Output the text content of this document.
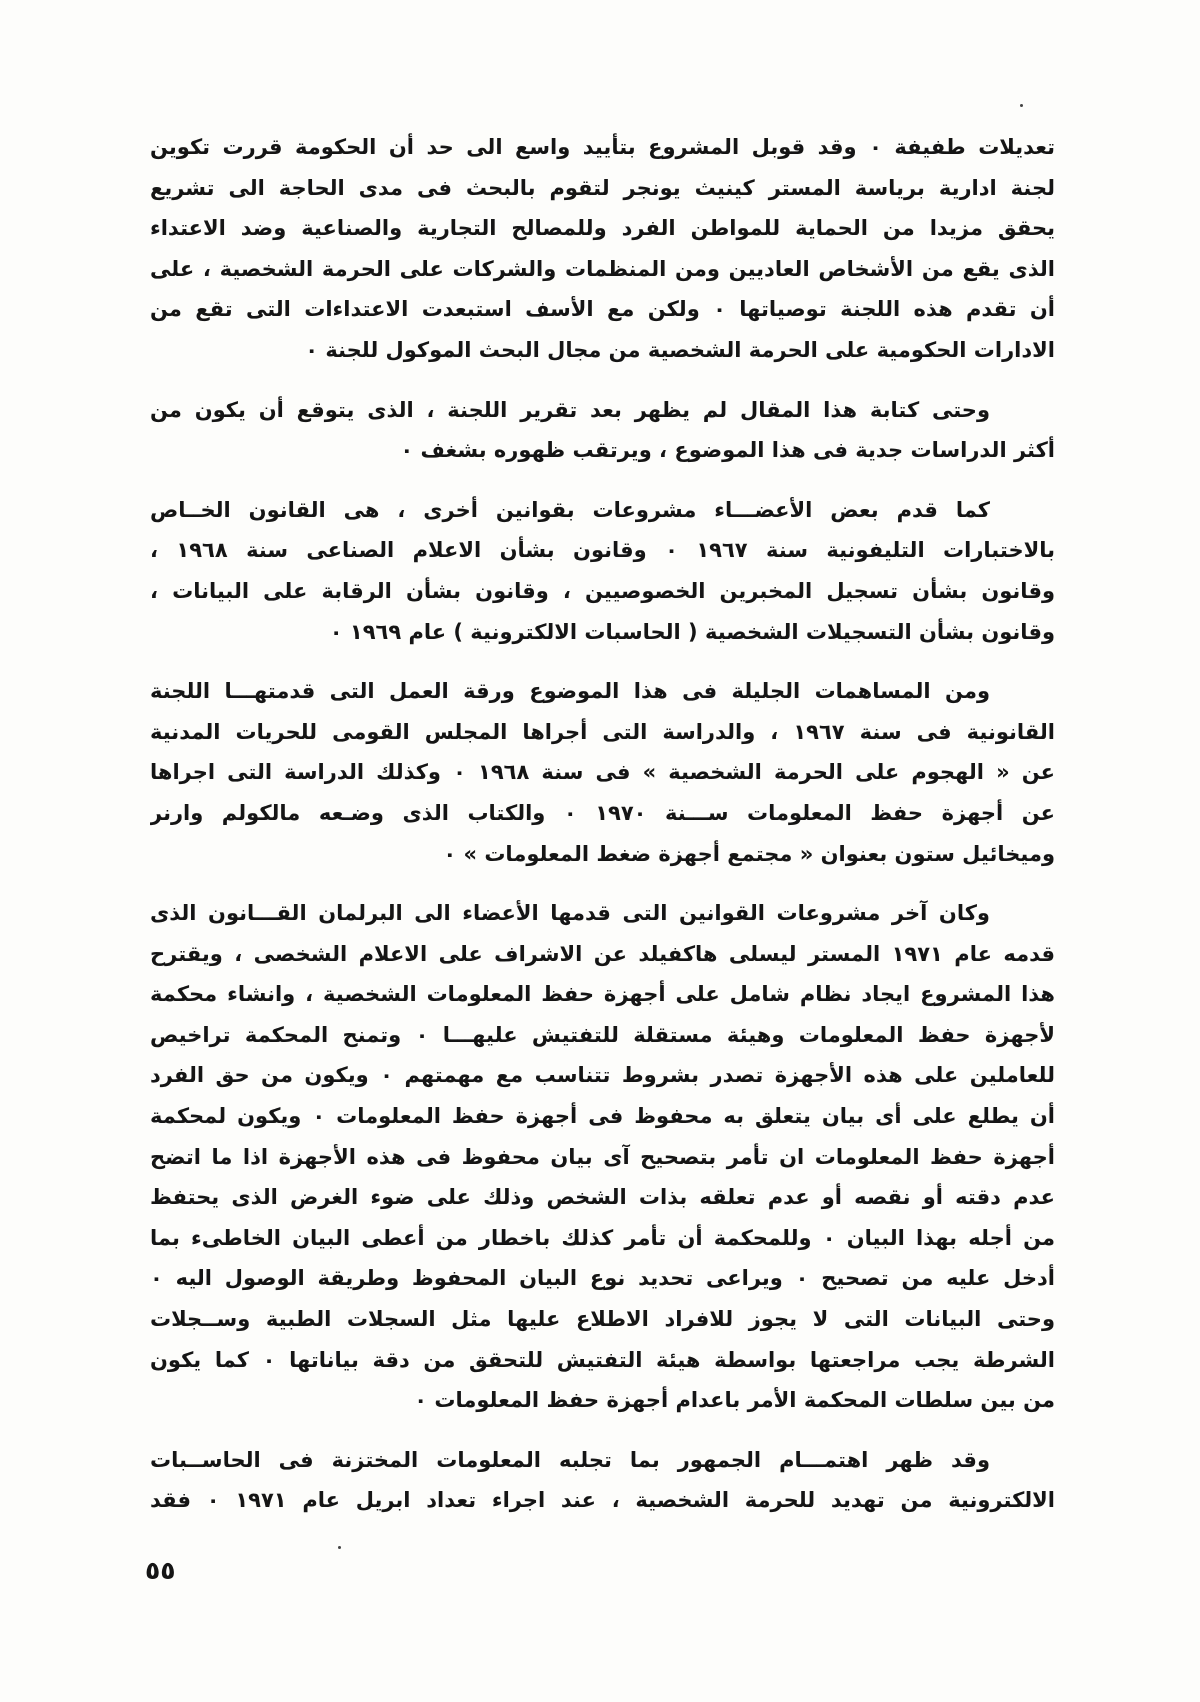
تعديلات طفيفة ٠ وقد قوبل المشروع بتأييد واسع الى حد أن الحكومة قررت تكوين
لجنة ادارية برياسة المستر كينيث يونجر لتقوم بالبحث فى مدى الحاجة الى تشريع
يحقق مزيدا من الحماية للمواطن الفرد وللمصالح التجارية والصناعية وضد الاعتداء
الذى يقع من الأشخاص العاديين ومن المنظمات والشركات على الحرمة الشخصية ، على
أن تقدم هذه اللجنة توصياتها ٠ ولكن مع الأسف استبعدت الاعتداءات التى تقع من
الادارات الحكومية على الحرمة الشخصية من مجال البحث الموكول للجنة ٠
وحتى كتابة هذا المقال لم يظهر بعد تقرير اللجنة ، الذى يتوقع أن يكون من
أكثر الدراسات جدية فى هذا الموضوع ، ويرتقب ظهوره بشغف ٠
كما قدم بعض الأعضـــاء مشروعات بقوانين أخرى ، هى القانون الخــاص
بالاختبارات التليفونية سنة ١٩٦٧ ٠ وقانون بشأن الاعلام الصناعى سنة ١٩٦٨ ،
وقانون بشأن تسجيل المخبرين الخصوصيين ، وقانون بشأن الرقابة على البيانات ،
وقانون بشأن التسجيلات الشخصية ( الحاسبات الالكترونية ) عام ١٩٦٩ ٠
ومن المساهمات الجليلة فى هذا الموضوع ورقة العمل التى قدمتهـــا اللجنة
القانونية فى سنة ١٩٦٧ ، والدراسة التى أجراها المجلس القومى للحريات المدنية
عن « الهجوم على الحرمة الشخصية » فى سنة ١٩٦٨ ٠ وكذلك الدراسة التى اجراها
عن أجهزة حفظ المعلومات ســـنة ١٩٧٠ ٠ والكتاب الذى وضـعه مالكولم وارنر
وميخائيل ستون بعنوان « مجتمع أجهزة ضغط المعلومات » ٠
وكان آخر مشروعات القوانين التى قدمها الأعضاء الى البرلمان القـــانون الذى
قدمه عام ١٩٧١ المستر ليسلى هاكفيلد عن الاشراف على الاعلام الشخصى ، ويقترح
هذا المشروع ايجاد نظام شامل على أجهزة حفظ المعلومات الشخصية ، وانشاء محكمة
لأجهزة حفظ المعلومات وهيئة مستقلة للتفتيش عليهـــا ٠ وتمنح المحكمة تراخيص
للعاملين على هذه الأجهزة تصدر بشروط تتناسب مع مهمتهم ٠ ويكون من حق الفرد
أن يطلع على أى بيان يتعلق به محفوظ فى أجهزة حفظ المعلومات ٠ ويكون لمحكمة
أجهزة حفظ المعلومات ان تأمر بتصحيح آى بيان محفوظ فى هذه الأجهزة اذا ما اتضح
عدم دقته أو نقصه أو عدم تعلقه بذات الشخص وذلك على ضوء الغرض الذى يحتفظ
من أجله بهذا البيان ٠ وللمحكمة أن تأمر كذلك باخطار من أعطى البيان الخاطىء بما
أدخل عليه من تصحيح ٠ ويراعى تحديد نوع البيان المحفوظ وطريقة الوصول اليه ٠
وحتى البيانات التى لا يجوز للافراد الاطلاع عليها مثل السجلات الطبية وســجلات
الشرطة يجب مراجعتها بواسطة هيئة التفتيش للتحقق من دقة بياناتها ٠ كما يكون
من بين سلطات المحكمة الأمر باعدام أجهزة حفظ المعلومات ٠
وقد ظهر اهتمـــام الجمهور بما تجلبه المعلومات المختزنة فى الحاســبات
الالكترونية من تهديد للحرمة الشخصية ، عند اجراء تعداد ابريل عام ١٩٧١ ٠ فقد
٥٥
